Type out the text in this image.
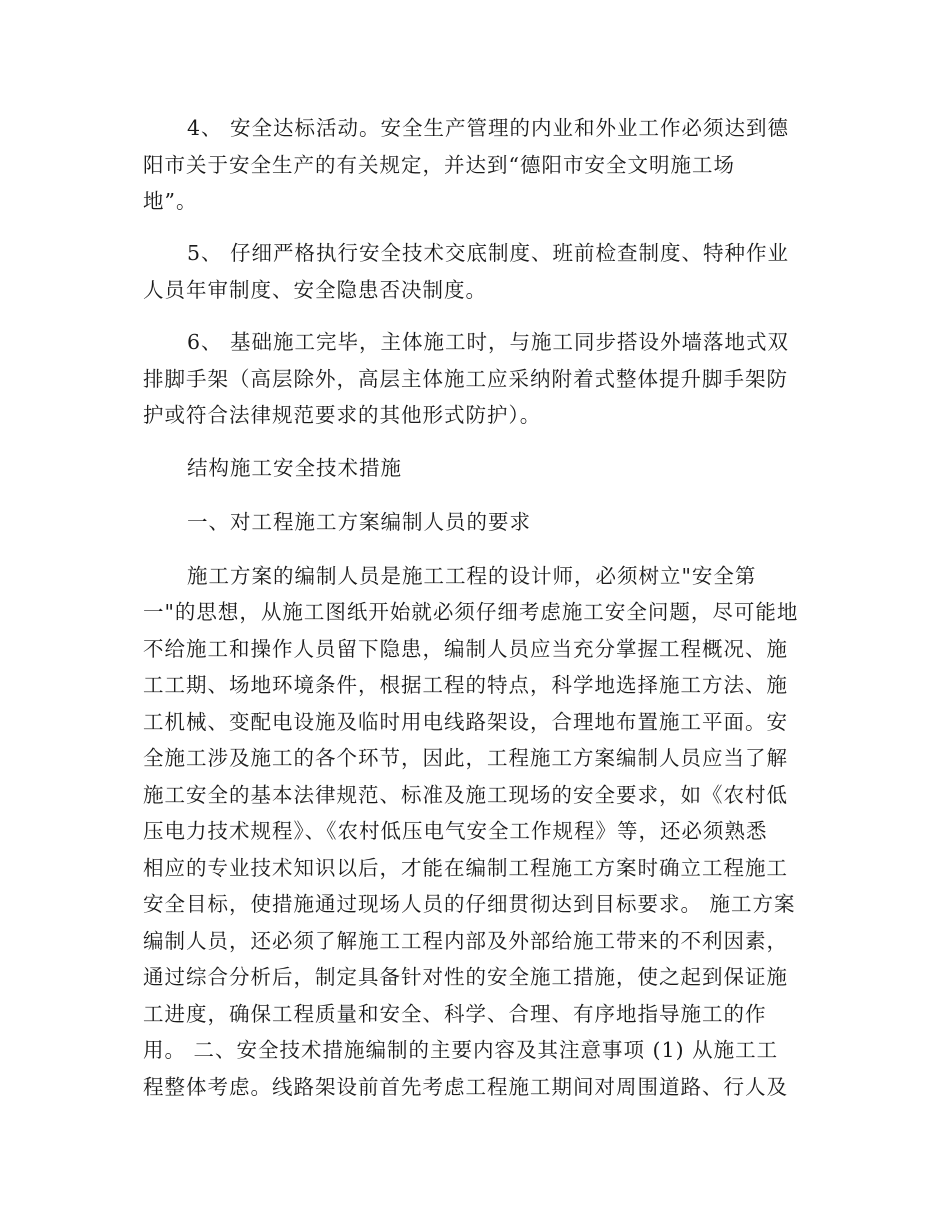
4、 安全达标活动。安全生产管理的内业和外业工作必须达到德
阳市关于安全生产的有关规定，并达到“德阳市安全文明施工场
地”。
5、 仔细严格执行安全技术交底制度、班前检查制度、特种作业
人员年审制度、安全隐患否决制度。
6、 基础施工完毕，主体施工时，与施工同步搭设外墙落地式双
排脚手架（高层除外，高层主体施工应采纳附着式整体提升脚手架防
护或符合法律规范要求的其他形式防护）。
结构施工安全技术措施
一、对工程施工方案编制人员的要求
施工方案的编制人员是施工工程的设计师，必须树立"安全第
一"的思想，从施工图纸开始就必须仔细考虑施工安全问题，尽可能地
不给施工和操作人员留下隐患，编制人员应当充分掌握工程概况、施
工工期、场地环境条件，根据工程的特点，科学地选择施工方法、施
工机械、变配电设施及临时用电线路架设，合理地布置施工平面。安
全施工涉及施工的各个环节，因此，工程施工方案编制人员应当了解
施工安全的基本法律规范、标准及施工现场的安全要求，如《农村低
压电力技术规程》、《农村低压电气安全工作规程》等，还必须熟悉
相应的专业技术知识以后，才能在编制工程施工方案时确立工程施工
安全目标，使措施通过现场人员的仔细贯彻达到目标要求。 施工方案
编制人员，还必须了解施工工程内部及外部给施工带来的不利因素，
通过综合分析后，制定具备针对性的安全施工措施，使之起到保证施
工进度，确保工程质量和安全、科学、合理、有序地指导施工的作
用。 二、安全技术措施编制的主要内容及其注意事项 (1) 从施工工
程整体考虑。线路架设前首先考虑工程施工期间对周围道路、行人及
